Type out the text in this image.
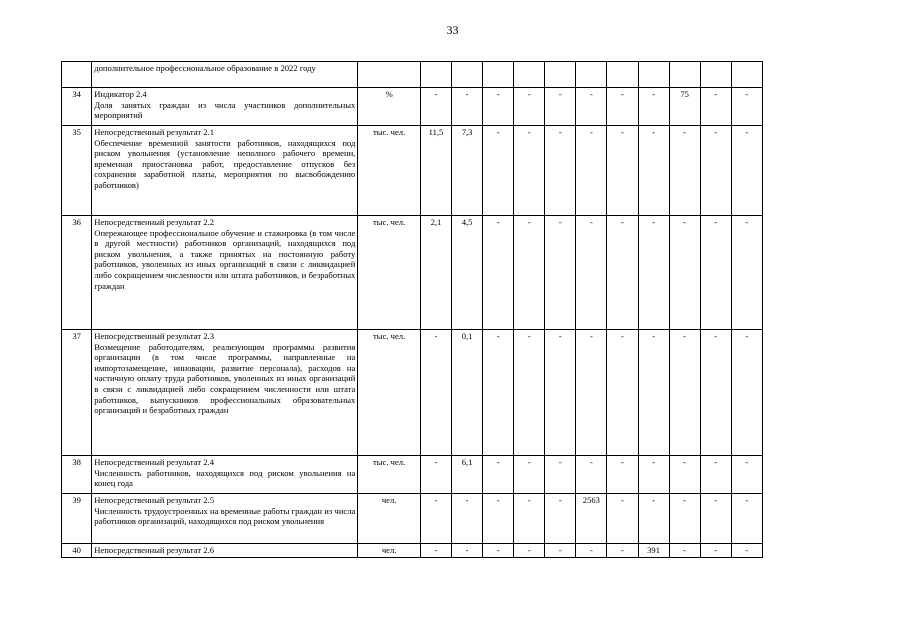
33

	дополнительное профессиональное образование в 2022 году												

34	Индикатор 2.4
Доля занятых граждан из числа участников дополнительных мероприятий	%	-	-	-	-	-	-	-	-	75	-	-
35	Непосредственный результат 2.1
Обеспечение временной занятости работников, находящихся под риском увольнения (установление неполного рабочего времени, временная приостановка работ, предоставление отпусков без сохранения заработной платы, мероприятия по высвобождению работников)	тыс. чел.	11,5	7,3	-	-	-	-	-	-	-	-	-
36	Непосредственный результат 2.2
Опережающее профессиональное обучение и стажировка (в том числе в другой местности) работников организаций, находящихся под риском увольнения, а также принятых на постоянную работу работников, уволенных из иных организаций в связи с ликвидацией либо сокращением численности или штата работников, и безработных граждан	тыс. чел.	2,1	4,5	-	-	-	-	-	-	-	-	-
37	Непосредственный результат 2.3
Возмещение работодателям, реализующим программы развития организации (в том числе программы, направленные на импортозамещение, инновации, развитие персонала), расходов на частичную оплату труда работников, уволенных из иных организаций в связи с ликвидацией либо сокращением численности или штата работников, выпускников профессиональных образовательных организаций и безработных граждан	тыс. чел.	-	0,1	-	-	-	-	-	-	-	-	-
38	Непосредственный результат 2.4
Численность работников, находящихся под риском увольнения на конец года	тыс. чел.	-	6,1	-	-	-	-	-	-	-	-	-
39	Непосредственный результат 2.5
Численность трудоустроенных на временные работы граждан из числа работников организаций, находящихся под риском увольнения	чел.	-	-	-	-	-	2563	-	-	-	-	-
40	Непосредственный результат 2.6	чел.	-	-	-	-	-	-	-	391	-	-	-
